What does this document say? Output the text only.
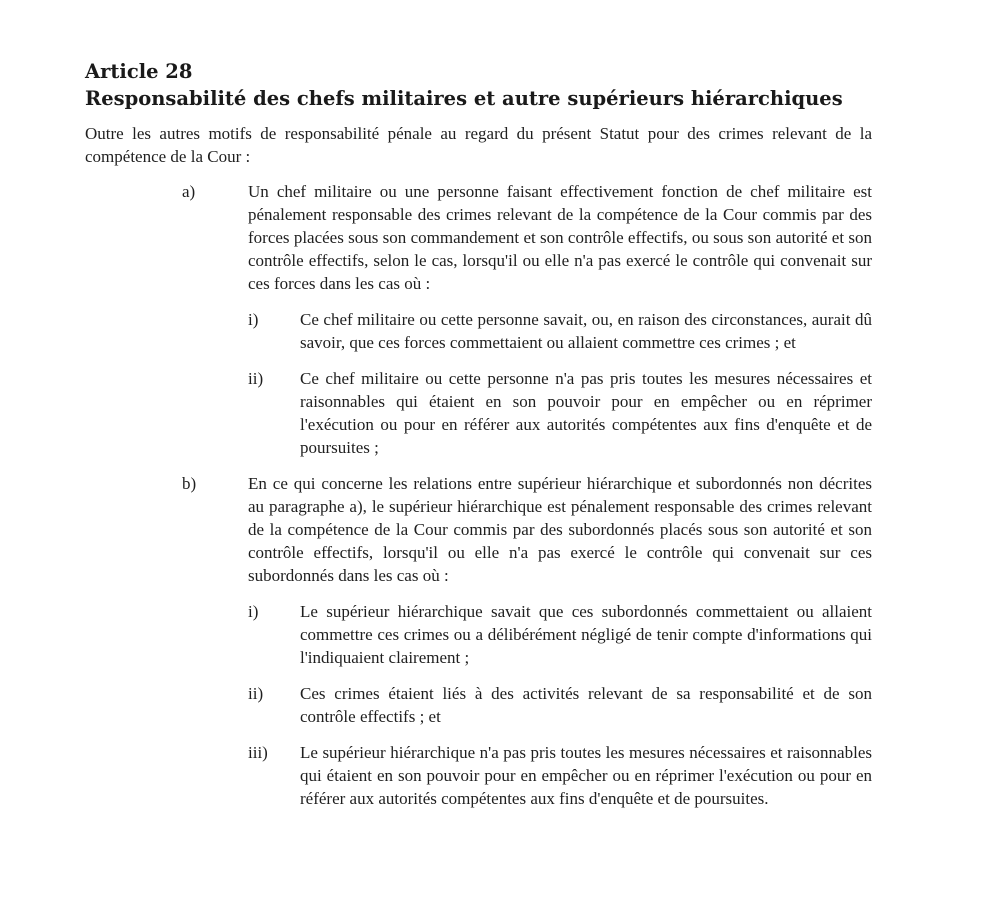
Article 28
Responsabilité des chefs militaires et autre supérieurs hiérarchiques

Outre les autres motifs de responsabilité pénale au regard du présent Statut pour des crimes relevant de la compétence de la Cour :

a)	Un chef militaire ou une personne faisant effectivement fonction de chef militaire est pénalement responsable des crimes relevant de la compétence de la Cour commis par des forces placées sous son commandement et son contrôle effectifs, ou sous son autorité et son contrôle effectifs, selon le cas, lorsqu'il ou elle n'a pas exercé le contrôle qui convenait sur ces forces dans les cas où :
i) Ce chef militaire ou cette personne savait, ou, en raison des circonstances, aurait dû savoir, que ces forces commettaient ou allaient commettre ces crimes ; et
ii) Ce chef militaire ou cette personne n'a pas pris toutes les mesures nécessaires et raisonnables qui étaient en son pouvoir pour en empêcher ou en réprimer l'exécution ou pour en référer aux autorités compétentes aux fins d'enquête et de poursuites ;
b)	En ce qui concerne les relations entre supérieur hiérarchique et subordonnés non décrites au paragraphe a), le supérieur hiérarchique est pénalement responsable des crimes relevant de la compétence de la Cour commis par des subordonnés placés sous son autorité et son contrôle effectifs, lorsqu'il ou elle n'a pas exercé le contrôle qui convenait sur ces subordonnés dans les cas où :
i) Le supérieur hiérarchique savait que ces subordonnés commettaient ou allaient commettre ces crimes ou a délibérément négligé de tenir compte d'informations qui l'indiquaient clairement ;
ii) Ces crimes étaient liés à des activités relevant de sa responsabilité et de son contrôle effectifs ; et
iii) Le supérieur hiérarchique n'a pas pris toutes les mesures nécessaires et raisonnables qui étaient en son pouvoir pour en empêcher ou en réprimer l'exécution ou pour en référer aux autorités compétentes aux fins d'enquête et de poursuites.
